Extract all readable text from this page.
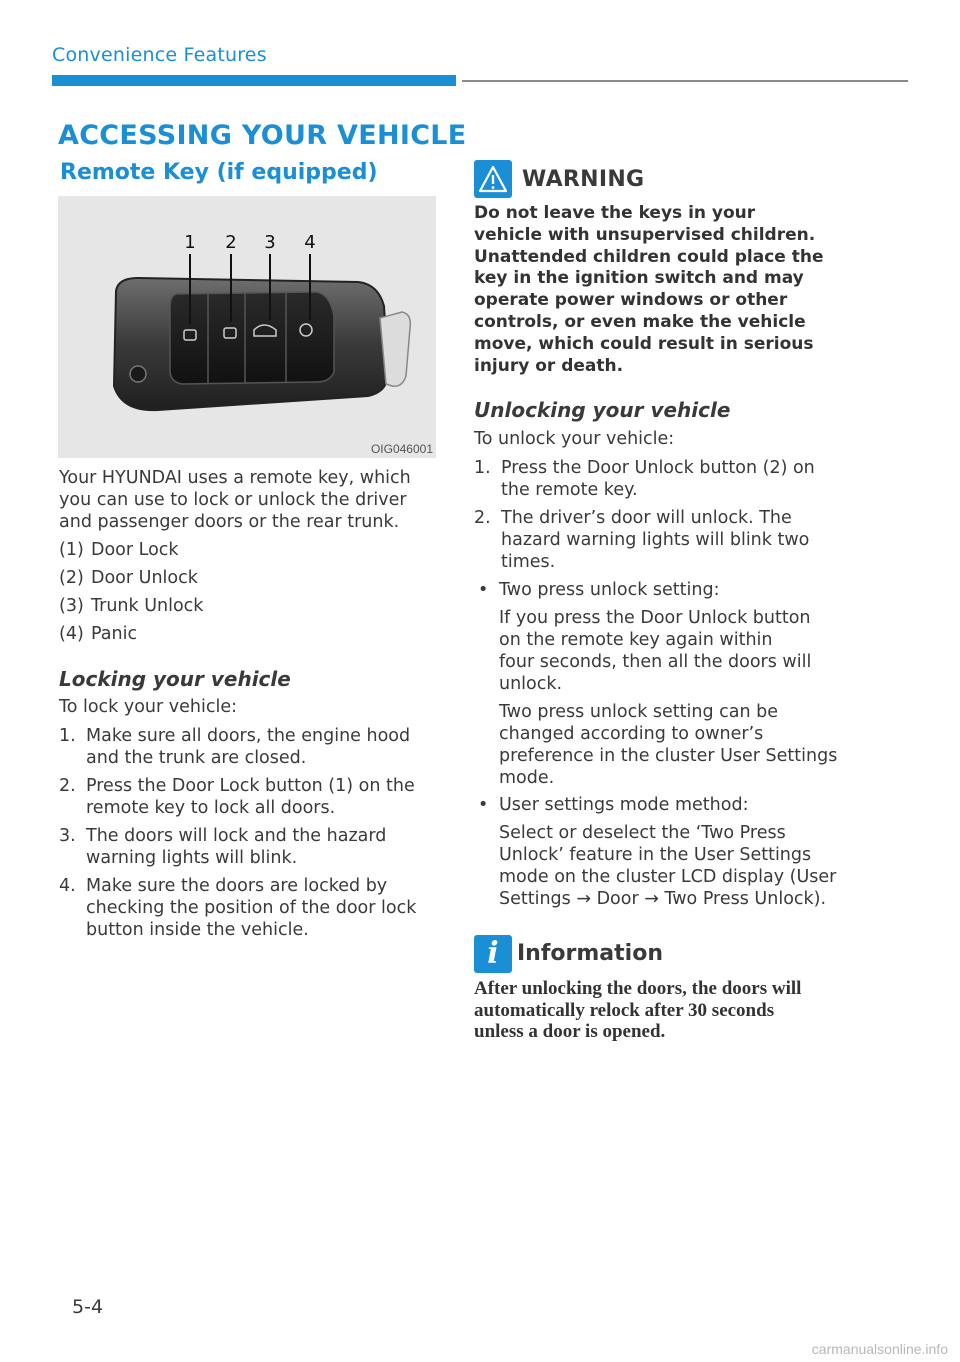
Convenience Features
ACCESSING YOUR VEHICLE
Remote Key (if equipped)
1 2 3 4
OIG046001
Your HYUNDAI uses a remote key, which
you can use to lock or unlock the driver
and passenger doors or the rear trunk.
(1) Door Lock
(2) Door Unlock
(3) Trunk Unlock
(4) Panic
Locking your vehicle
To lock your vehicle:
1. Make sure all doors, the engine hood
and the trunk are closed.
2. Press the Door Lock button (1) on the
remote key to lock all doors.
3. The doors will lock and the hazard
warning lights will blink.
4. Make sure the doors are locked by
checking the position of the door lock
button inside the vehicle.
WARNING
Do not leave the keys in your
vehicle with unsupervised children.
Unattended children could place the
key in the ignition switch and may
operate power windows or other
controls, or even make the vehicle
move, which could result in serious
injury or death.
Unlocking your vehicle
To unlock your vehicle:
1. Press the Door Unlock button (2) on
the remote key.
2. The driver’s door will unlock. The
hazard warning lights will blink two
times.
• Two press unlock setting:
If you press the Door Unlock button
on the remote key again within
four seconds, then all the doors will
unlock.
Two press unlock setting can be
changed according to owner’s
preference in the cluster User Settings
mode.
• User settings mode method:
Select or deselect the ‘Two Press
Unlock’ feature in the User Settings
mode on the cluster LCD display (User
Settings → Door → Two Press Unlock).
i Information
After unlocking the doors, the doors will
automatically relock after 30 seconds
unless a door is opened.
5-4
carmanualsonline.info
